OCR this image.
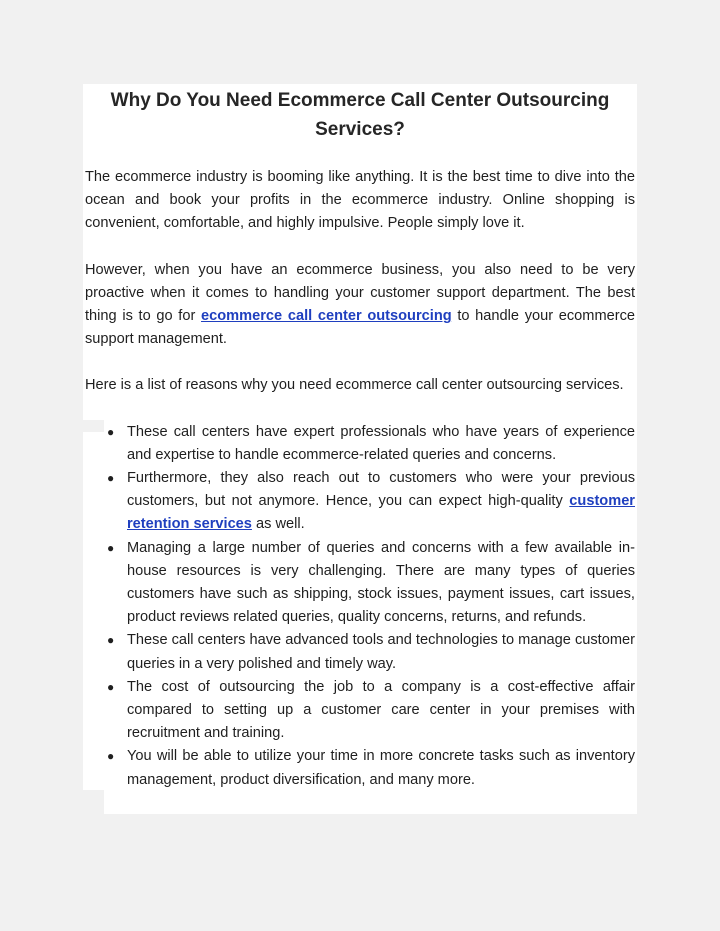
Why Do You Need Ecommerce Call Center Outsourcing Services?

The ecommerce industry is booming like anything. It is the best time to dive into the ocean and book your profits in the ecommerce industry. Online shopping is convenient, comfortable, and highly impulsive. People simply love it.

However, when you have an ecommerce business, you also need to be very proactive when it comes to handling your customer support department. The best thing is to go for ecommerce call center outsourcing to handle your ecommerce support management.

Here is a list of reasons why you need ecommerce call center outsourcing services.

● These call centers have expert professionals who have years of experience and expertise to handle ecommerce-related queries and concerns.
● Furthermore, they also reach out to customers who were your previous customers, but not anymore. Hence, you can expect high-quality customer retention services as well.
● Managing a large number of queries and concerns with a few available in-house resources is very challenging. There are many types of queries customers have such as shipping, stock issues, payment issues, cart issues, product reviews related queries, quality concerns, returns, and refunds.
● These call centers have advanced tools and technologies to manage customer queries in a very polished and timely way.
● The cost of outsourcing the job to a company is a cost-effective affair compared to setting up a customer care center in your premises with recruitment and training.
● You will be able to utilize your time in more concrete tasks such as inventory management, product diversification, and many more.
